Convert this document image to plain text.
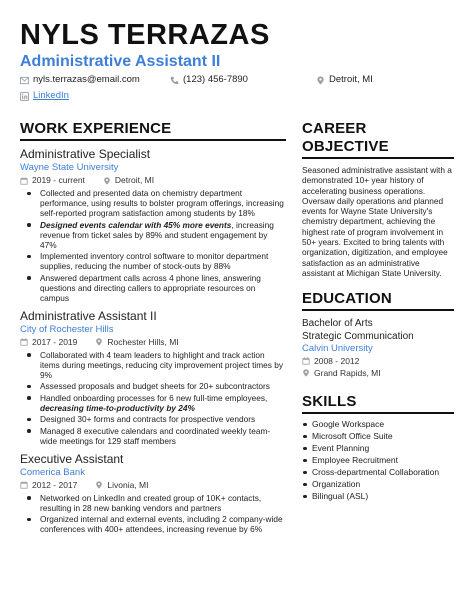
NYLS TERRAZAS
Administrative Assistant II
nyls.terrazas@email.com	(123) 456-7890	Detroit, MI
LinkedIn
WORK EXPERIENCE
Administrative Specialist
Wayne State University
2019 - current	Detroit, MI
Collected and presented data on chemistry department performance, using results to bolster program offerings, increasing self-reported program satisfaction among students by 18%
Designed events calendar with 45% more events, increasing revenue from ticket sales by 89% and student engagement by 47%
Implemented inventory control software to monitor department supplies, reducing the number of stock-outs by 88%
Answered department calls across 4 phone lines, answering questions and directing callers to appropriate resources on campus
Administrative Assistant II
City of Rochester Hills
2017 - 2019	Rochester Hills, MI
Collaborated with 4 team leaders to highlight and track action items during meetings, reducing city improvement project times by 9%
Assessed proposals and budget sheets for 20+ subcontractors
Handled onboarding processes for 6 new full-time employees, decreasing time-to-productivity by 24%
Designed 30+ forms and contracts for prospective vendors
Managed 8 executive calendars and coordinated weekly team-wide meetings for 129 staff members
Executive Assistant
Comerica Bank
2012 - 2017	Livonia, MI
Networked on LinkedIn and created group of 10K+ contacts, resulting in 28 new banking vendors and partners
Organized internal and external events, including 2 company-wide conferences with 400+ attendees, increasing revenue by 6%
CAREER
OBJECTIVE
Seasoned administrative assistant with a demonstrated 10+ year history of accelerating business operations. Oversaw daily operations and planned events for Wayne State University's chemistry department, achieving the highest rate of program involvement in 50+ years. Excited to bring talents with organization, digitization, and employee satisfaction as an administrative assistant at Michigan State University.
EDUCATION
Bachelor of Arts
Strategic Communication
Calvin University
2008 - 2012
Grand Rapids, MI
SKILLS
Google Workspace
Microsoft Office Suite
Event Planning
Employee Recruitment
Cross-departmental Collaboration
Organization
Bilingual (ASL)
